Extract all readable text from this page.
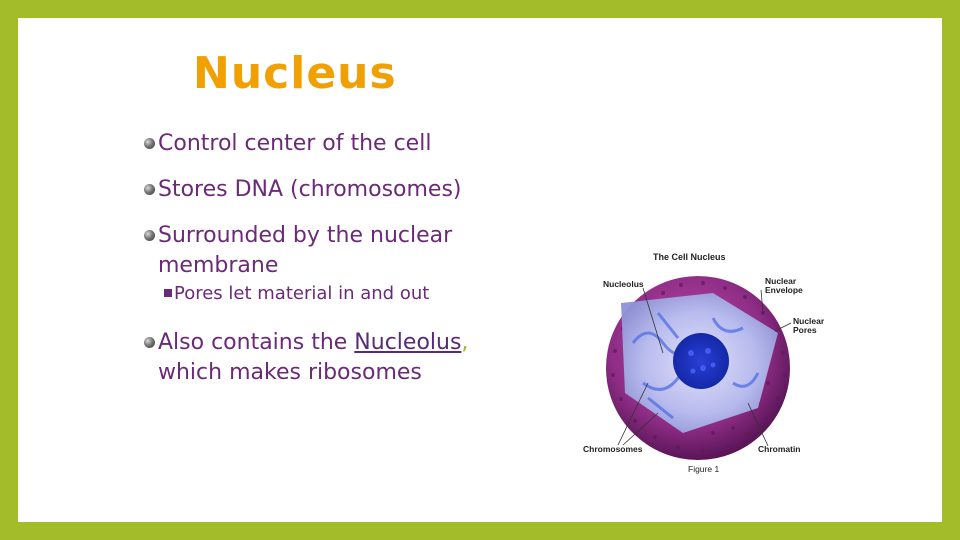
Nucleus
Control center of the cell
Stores DNA (chromosomes)
Surrounded by the nuclear
membrane
Pores let material in and out
Also contains the Nucleolus,
which makes ribosomes
The Cell Nucleus
Nucleolus	Nuclear
Envelope
Nuclear
Pores
Chromosomes	Chromatin
Figure 1
